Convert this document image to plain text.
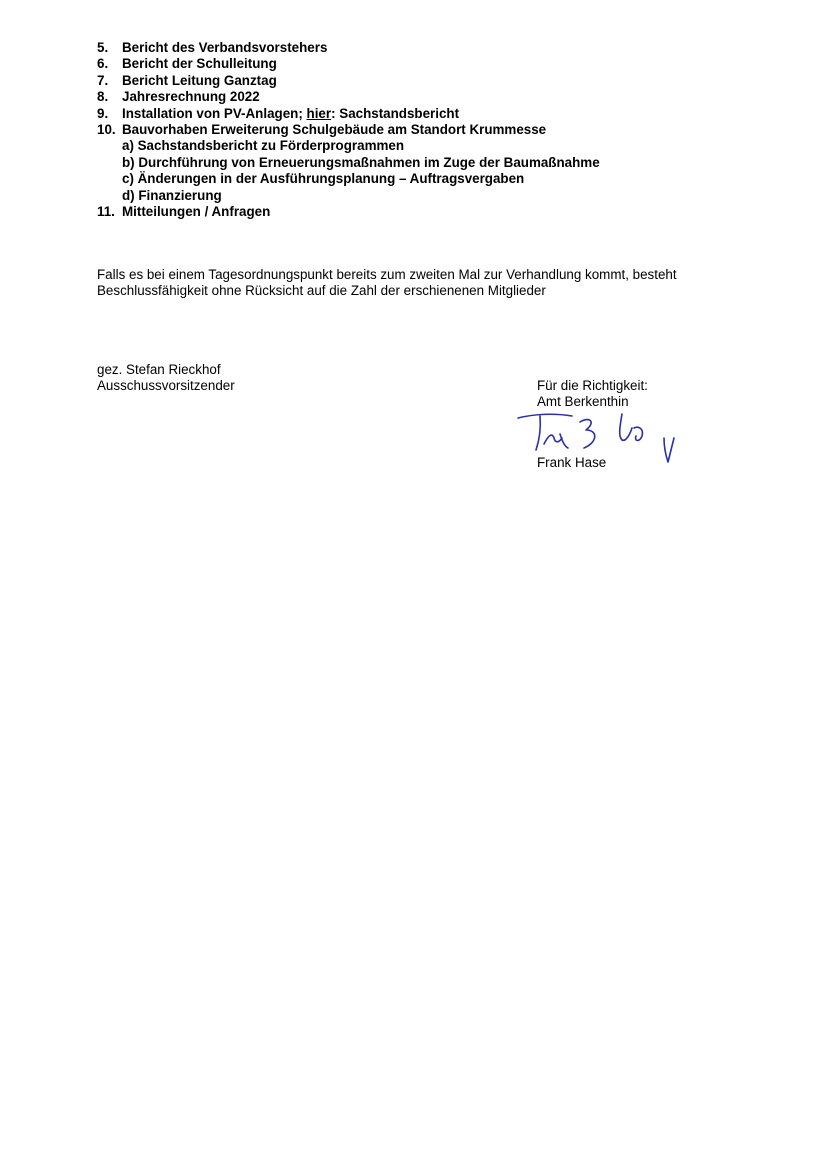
5.	Bericht des Verbandsvorstehers
6.	Bericht der Schulleitung
7.	Bericht Leitung Ganztag
8.	Jahresrechnung 2022
9.	Installation von PV-Anlagen; hier: Sachstandsbericht
10. Bauvorhaben Erweiterung Schulgebäude am Standort Krummesse
a) Sachstandsbericht zu Förderprogrammen
b) Durchführung von Erneuerungsmaßnahmen im Zuge der Baumaßnahme
c) Änderungen in der Ausführungsplanung – Auftragsvergaben
d) Finanzierung
11. Mitteilungen / Anfragen

Falls es bei einem Tagesordnungspunkt bereits zum zweiten Mal zur Verhandlung kommt, besteht

Beschlussfähigkeit ohne Rücksicht auf die Zahl der erschienenen Mitglieder

gez. Stefan Rieckhof
Ausschussvorsitzender	Für die Richtigkeit:
Amt Berkenthin
Frank Hase
